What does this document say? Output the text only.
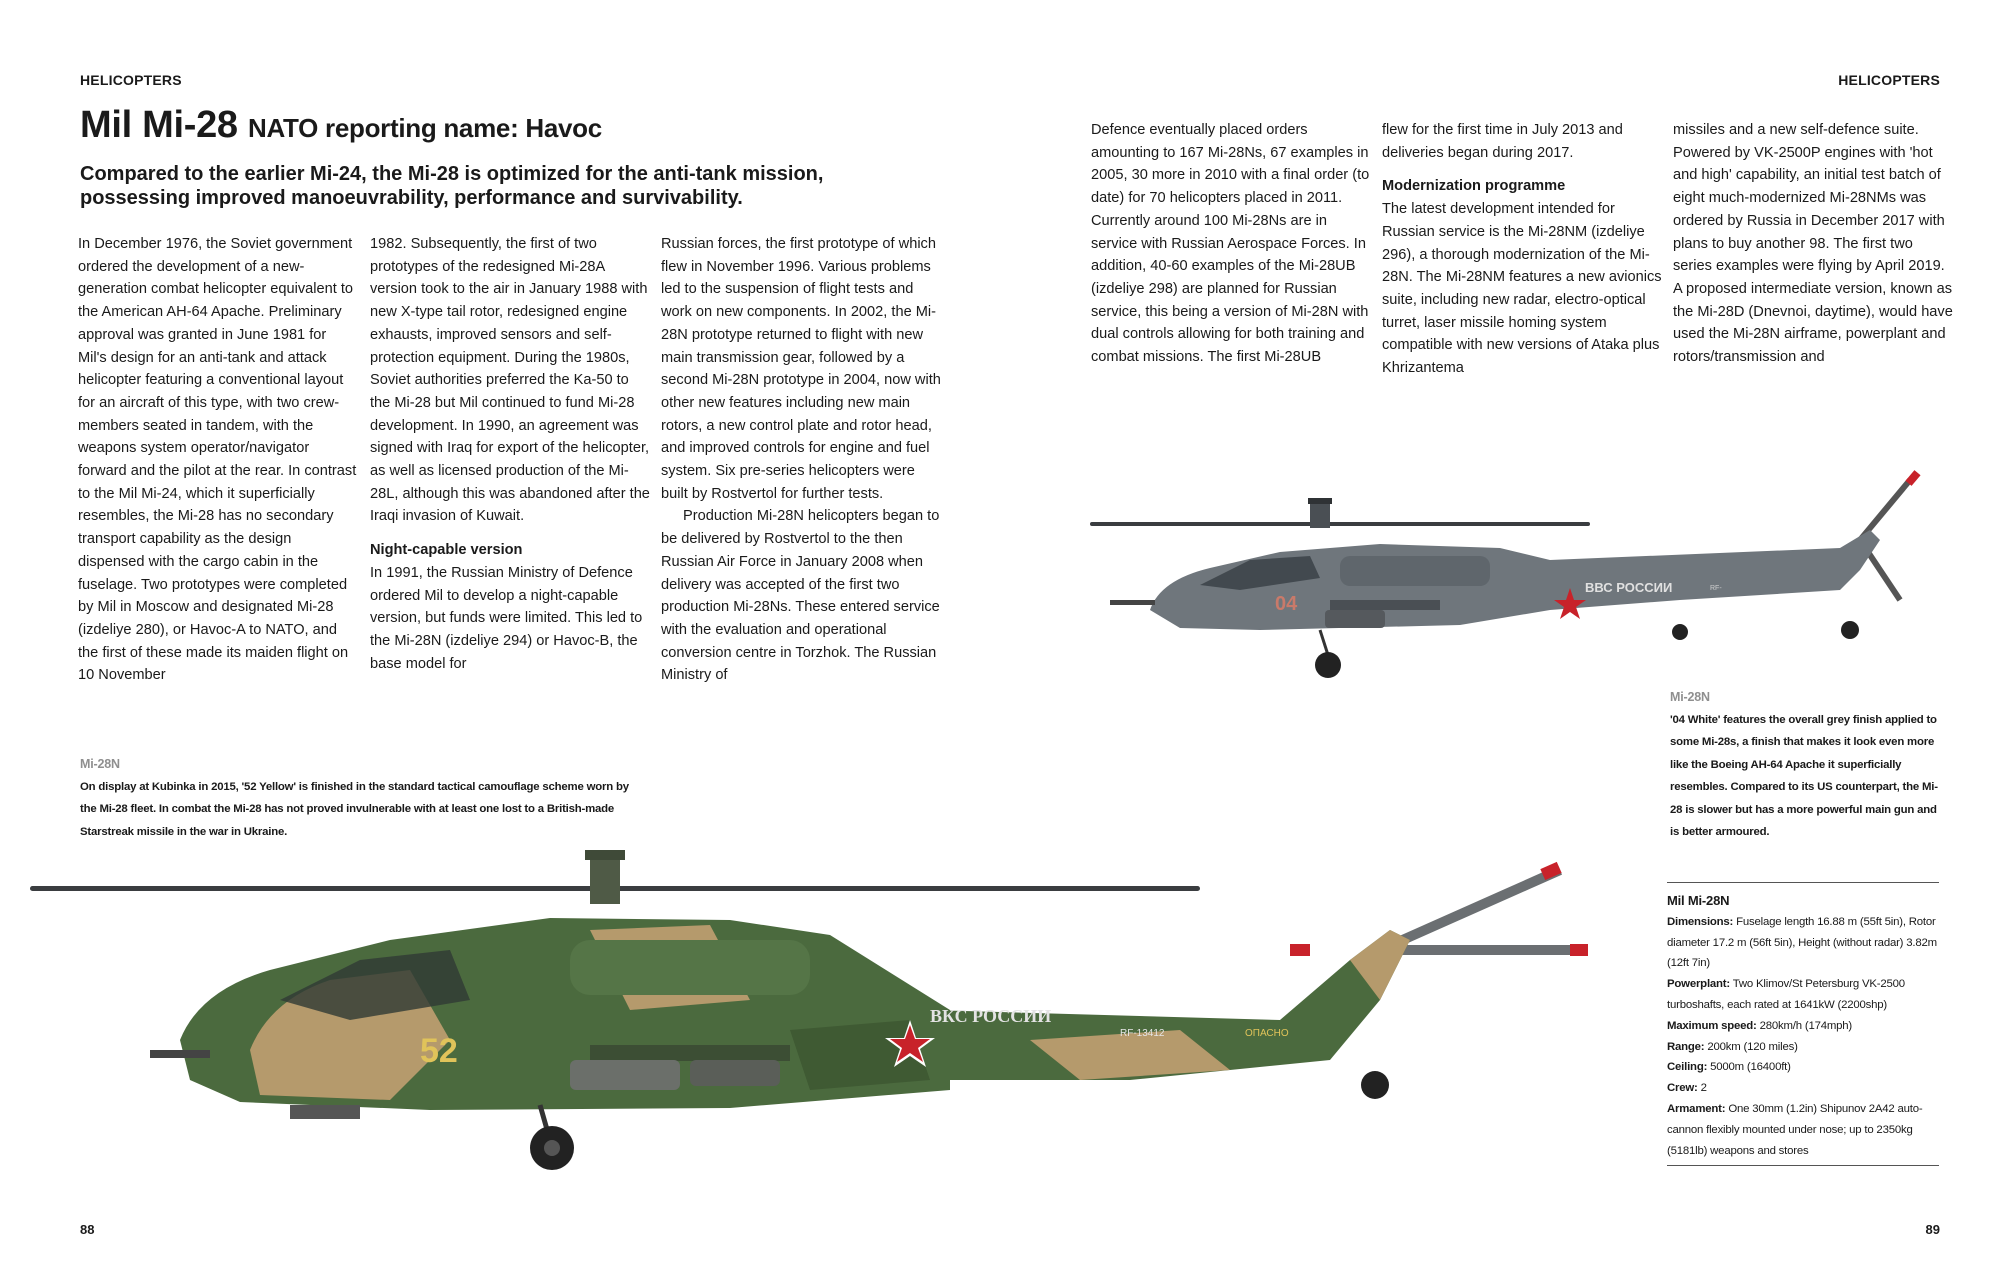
HELICOPTERS	HELICOPTERS
Mil Mi-28 NATO reporting name: Havoc
Compared to the earlier Mi-24, the Mi-28 is optimized for the anti-tank mission, possessing improved manoeuvrability, performance and survivability.

In December 1976, the Soviet government ordered the development of a new-generation combat helicopter equivalent to the American AH-64 Apache. Preliminary approval was granted in June 1981 for Mil's design for an anti-tank and attack helicopter featuring a conventional layout for an aircraft of this type, with two crew-members seated in tandem, with the weapons system operator/navigator forward and the pilot at the rear. In contrast to the Mil Mi-24, which it superficially resembles, the Mi-28 has no secondary transport capability as the design dispensed with the cargo cabin in the fuselage. Two prototypes were completed by Mil in Moscow and designated Mi-28 (izdeliye 280), or Havoc-A to NATO, and the first of these made its maiden flight on 10 November

1982. Subsequently, the first of two prototypes of the redesigned Mi-28A version took to the air in January 1988 with new X-type tail rotor, redesigned engine exhausts, improved sensors and self-protection equipment. During the 1980s, Soviet authorities preferred the Ka-50 to the Mi-28 but Mil continued to fund Mi-28 development. In 1990, an agreement was signed with Iraq for export of the helicopter, as well as licensed production of the Mi-28L, although this was abandoned after the Iraqi invasion of Kuwait.

Night-capable version

In 1991, the Russian Ministry of Defence ordered Mil to develop a night-capable version, but funds were limited. This led to the Mi-28N (izdeliye 294) or Havoc-B, the base model for

Russian forces, the first prototype of which flew in November 1996. Various problems led to the suspension of flight tests and work on new components. In 2002, the Mi-28N prototype returned to flight with new main transmission gear, followed by a second Mi-28N prototype in 2004, now with other new features including new main rotors, a new control plate and rotor head, and improved controls for engine and fuel system. Six pre-series helicopters were built by Rostvertol for further tests.

Production Mi-28N helicopters began to be delivered by Rostvertol to the then Russian Air Force in January 2008 when delivery was accepted of the first two production Mi-28Ns. These entered service with the evaluation and operational conversion centre in Torzhok. The Russian Ministry of

Defence eventually placed orders amounting to 167 Mi-28Ns, 67 examples in 2005, 30 more in 2010 with a final order (to date) for 70 helicopters placed in 2011. Currently around 100 Mi-28Ns are in service with Russian Aerospace Forces. In addition, 40-60 examples of the Mi-28UB (izdeliye 298) are planned for Russian service, this being a version of Mi-28N with dual controls allowing for both training and combat missions. The first Mi-28UB

flew for the first time in July 2013 and deliveries began during 2017.

Modernization programme

The latest development intended for Russian service is the Mi-28NM (izdeliye 296), a thorough modernization of the Mi-28N. The Mi-28NM features a new avionics suite, including new radar, electro-optical turret, laser missile homing system compatible with new versions of Ataka plus Khrizantema

missiles and a new self-defence suite. Powered by VK-2500P engines with 'hot and high' capability, an initial test batch of eight much-modernized Mi-28NMs was ordered by Russia in December 2017 with plans to buy another 98. The first two series examples were flying by April 2019. A proposed intermediate version, known as the Mi-28D (Dnevnoi, daytime), would have used the Mi-28N airframe, powerplant and rotors/transmission and

Mi-28N
On display at Kubinka in 2015, '52 Yellow' is finished in the standard tactical camouflage scheme worn by the Mi-28 fleet. In combat the Mi-28 has not proved invulnerable with at least one lost to a British-made Starstreak missile in the war in Ukraine.
Mi-28N
'04 White' features the overall grey finish applied to some Mi-28s, a finish that makes it look even more like the Boeing AH-64 Apache it superficially resembles. Compared to its US counterpart, the Mi-28 is slower but has a more powerful main gun and is better armoured.
Mil Mi-28N
Dimensions: Fuselage length 16.88 m (55ft 5in), Rotor diameter 17.2 m (56ft 5in), Height (without radar) 3.82m (12ft 7in)
Powerplant: Two Klimov/St Petersburg VK-2500 turboshafts, each rated at 1641kW (2200shp)
Maximum speed: 280km/h (174mph)
Range: 200km (120 miles)
Ceiling: 5000m (16400ft)
Crew: 2
Armament: One 30mm (1.2in) Shipunov 2A42 auto-cannon flexibly mounted under nose; up to 2350kg (5181lb) weapons and stores
88	89
04
ВВС РОССИИ	RF-
52
ВКС РОССИИ
RF-13412	ОПАСНО
